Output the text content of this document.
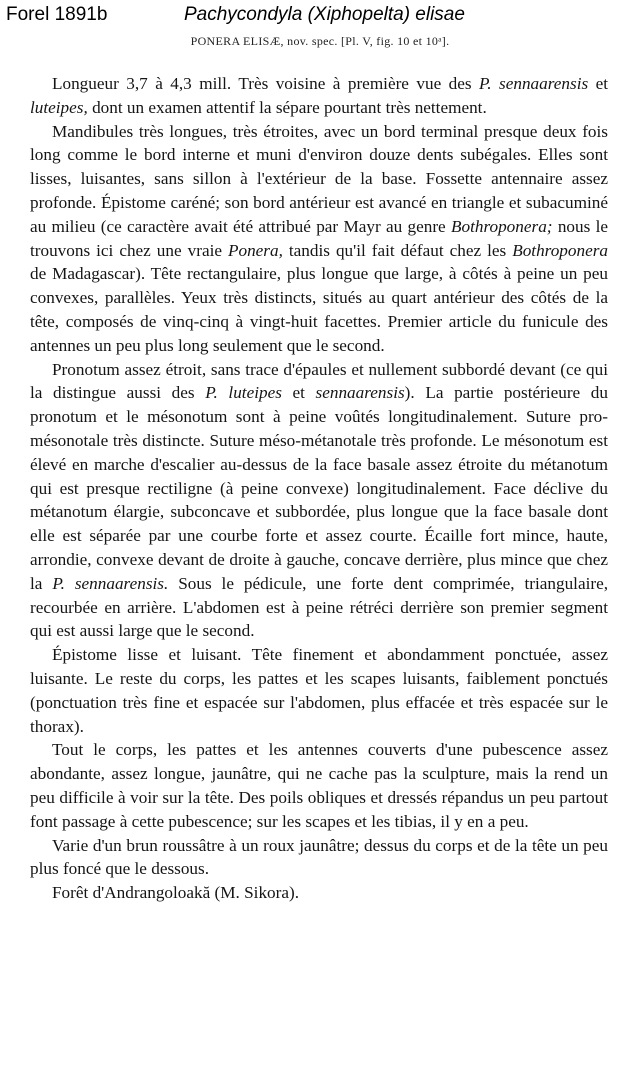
Forel 1891b	Pachycondyla (Xiphopelta) elisae
PONERA ELISÆ, nov. spec. [Pl. V, fig. 10 et 10ᵃ].

Longueur 3,7 à 4,3 mill. Très voisine à première vue des P. sennaarensis et luteipes, dont un examen attentif la sépare pourtant très nettement.

Mandibules très longues, très étroites, avec un bord terminal presque deux fois long comme le bord interne et muni d'environ douze dents subégales. Elles sont lisses, luisantes, sans sillon à l'extérieur de la base. Fossette antennaire assez profonde. Épistome caréné; son bord antérieur est avancé en triangle et subacuminé au milieu (ce caractère avait été attribué par Mayr au genre Bothroponera; nous le trouvons ici chez une vraie Ponera, tandis qu'il fait défaut chez les Bothroponera de Madagascar). Tête rectangulaire, plus longue que large, à côtés à peine un peu convexes, parallèles. Yeux très distincts, situés au quart antérieur des côtés de la tête, composés de vinq-cinq à vingt-huit facettes. Premier article du funicule des antennes un peu plus long seulement que le second.

Pronotum assez étroit, sans trace d'épaules et nullement subbordé devant (ce qui la distingue aussi des P. luteipes et sennaarensis). La partie postérieure du pronotum et le mésonotum sont à peine voûtés longitudinalement. Suture pro-mésonotale très distincte. Suture méso-métanotale très profonde. Le mésonotum est élevé en marche d'escalier au-dessus de la face basale assez étroite du métanotum qui est presque rectiligne (à peine convexe) longitudinalement. Face déclive du métanotum élargie, subconcave et subbordée, plus longue que la face basale dont elle est séparée par une courbe forte et assez courte. Écaille fort mince, haute, arrondie, convexe devant de droite à gauche, concave derrière, plus mince que chez la P. sennaarensis. Sous le pédicule, une forte dent comprimée, triangulaire, recourbée en arrière. L'abdomen est à peine rétréci derrière son premier segment qui est aussi large que le second.

Épistome lisse et luisant. Tête finement et abondamment ponctuée, assez luisante. Le reste du corps, les pattes et les scapes luisants, faiblement ponctués (ponctuation très fine et espacée sur l'abdomen, plus effacée et très espacée sur le thorax).

Tout le corps, les pattes et les antennes couverts d'une pubescence assez abondante, assez longue, jaunâtre, qui ne cache pas la sculpture, mais la rend un peu difficile à voir sur la tête. Des poils obliques et dressés répandus un peu partout font passage à cette pubescence; sur les scapes et les tibias, il y en a peu.

Varie d'un brun roussâtre à un roux jaunâtre; dessus du corps et de la tête un peu plus foncé que le dessous.

Forêt d'Andrangoloakă (M. Sikora).
